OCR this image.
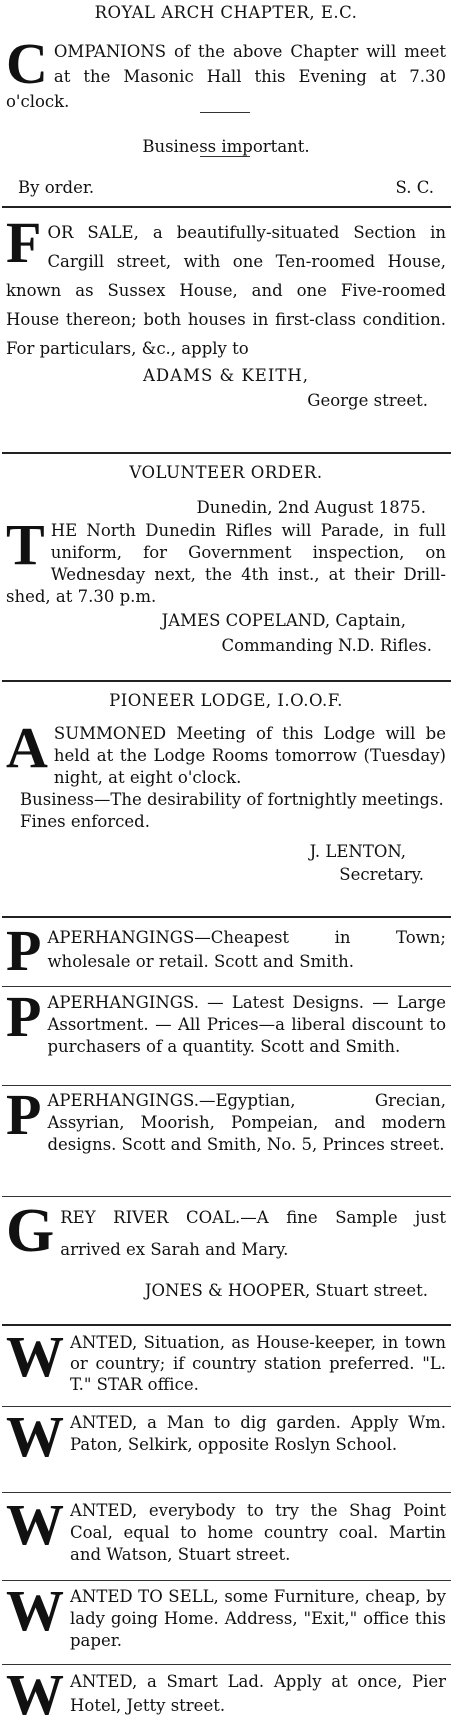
ROYAL ARCH CHAPTER, E.C.

COMPANIONS of the above Chapter will meet at the Masonic Hall this Evening at 7.30 o'clock.

Business important.

By order.	S. C.

FOR SALE, a beautifully-situated Section in Cargill street, with one Ten-roomed House, known as Sussex House, and one Five-roomed House thereon; both houses in first-class condition. For particulars, &c., apply to

ADAMS & KEITH,

George street.

VOLUNTEER ORDER.

Dunedin, 2nd August 1875.

THE North Dunedin Rifles will Parade, in full uniform, for Government inspection, on Wednesday next, the 4th inst., at their Drill-shed, at 7.30 p.m.

JAMES COPELAND, Captain,

Commanding N.D. Rifles.

PIONEER LODGE, I.O.O.F.

ASUMMONED Meeting of this Lodge will be held at the Lodge Rooms tomorrow (Tuesday) night, at eight o'clock.

Business—The desirability of fortnightly meetings.

Fines enforced.

J. LENTON,

Secretary.

PAPERHANGINGS—Cheapest in Town; wholesale or retail. Scott and Smith.

PAPERHANGINGS. — Latest Designs. — Large Assortment. — All Prices—a liberal discount to purchasers of a quantity. Scott and Smith.

PAPERHANGINGS.—Egyptian, Grecian, Assyrian, Moorish, Pompeian, and modern designs. Scott and Smith, No. 5, Princes street.

GREY RIVER COAL.—A fine Sample just arrived ex Sarah and Mary.

JONES & HOOPER, Stuart street.

WANTED, Situation, as House-keeper, in town or country; if country station preferred. "L. T." STAR office.

WANTED, a Man to dig garden. Apply Wm. Paton, Selkirk, opposite Roslyn School.

WANTED, everybody to try the Shag Point Coal, equal to home country coal. Martin and Watson, Stuart street.

WANTED TO SELL, some Furniture, cheap, by lady going Home. Address, "Exit," office this paper.

WANTED, a Smart Lad. Apply at once, Pier Hotel, Jetty street.
